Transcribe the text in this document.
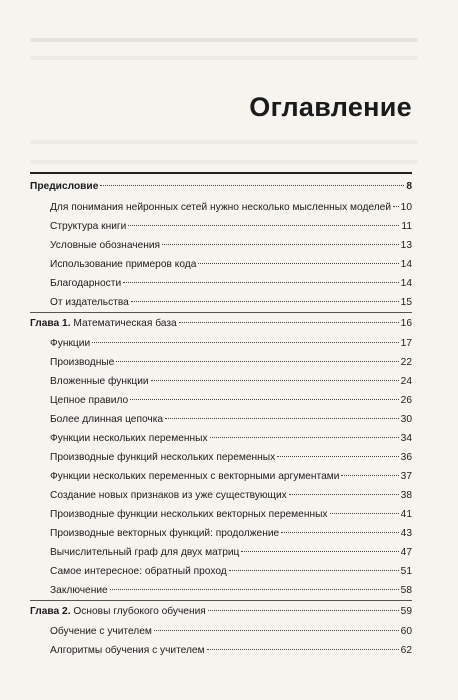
Оглавление
Предисловие	8
Для понимания нейронных сетей нужно несколько мысленных моделей 10
Структура книги	11
Условные обозначения	13
Использование примеров кода	14
Благодарности	14
От издательства	15
Глава 1. Математическая база	16
Функции	17
Производные	22
Вложенные функции	24
Цепное правило	26
Более длинная цепочка	30
Функции нескольких переменных	34
Производные функций нескольких переменных	36
Функции нескольких переменных с векторными аргументами	37
Создание новых признаков из уже существующих	38
Производные функции нескольких векторных переменных	41
Производные векторных функций: продолжение	43
Вычислительный граф для двух матриц	47
Самое интересное: обратный проход	51
Заключение	58
Глава 2. Основы глубокого обучения	59
Обучение с учителем	60
Алгоритмы обучения с учителем	62
